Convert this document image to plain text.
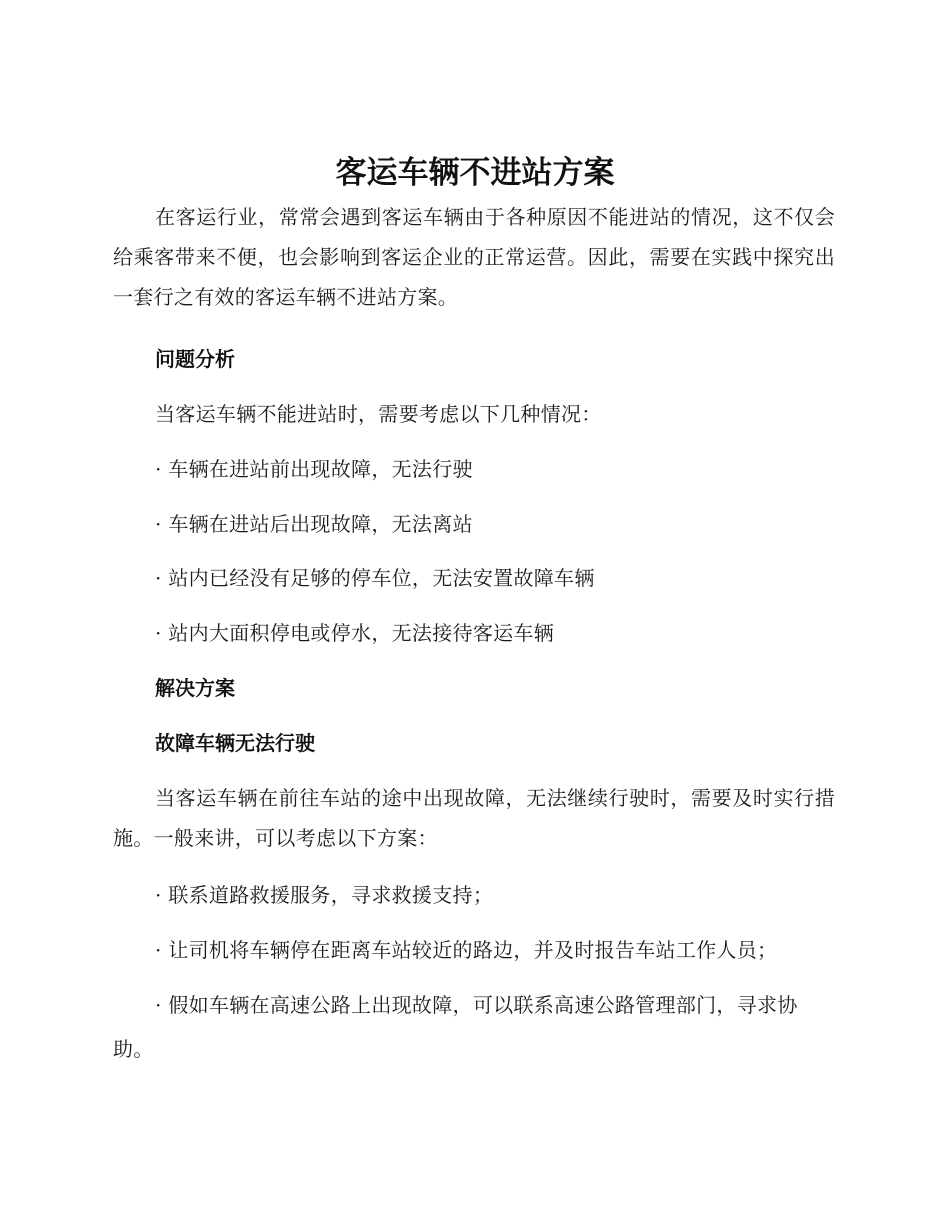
客运车辆不进站方案

在客运行业，常常会遇到客运车辆由于各种原因不能进站的情况，这不仅会给乘客带来不便，也会影响到客运企业的正常运营。因此，需要在实践中探究出一套行之有效的客运车辆不进站方案。

问题分析

当客运车辆不能进站时，需要考虑以下几种情况：

· 车辆在进站前出现故障，无法行驶

· 车辆在进站后出现故障，无法离站

· 站内已经没有足够的停车位，无法安置故障车辆

· 站内大面积停电或停水，无法接待客运车辆

解决方案
故障车辆无法行驶

当客运车辆在前往车站的途中出现故障，无法继续行驶时，需要及时实行措施。一般来讲，可以考虑以下方案：

· 联系道路救援服务，寻求救援支持；

· 让司机将车辆停在距离车站较近的路边，并及时报告车站工作人员；

· 假如车辆在高速公路上出现故障，可以联系高速公路管理部门，寻求协助。
